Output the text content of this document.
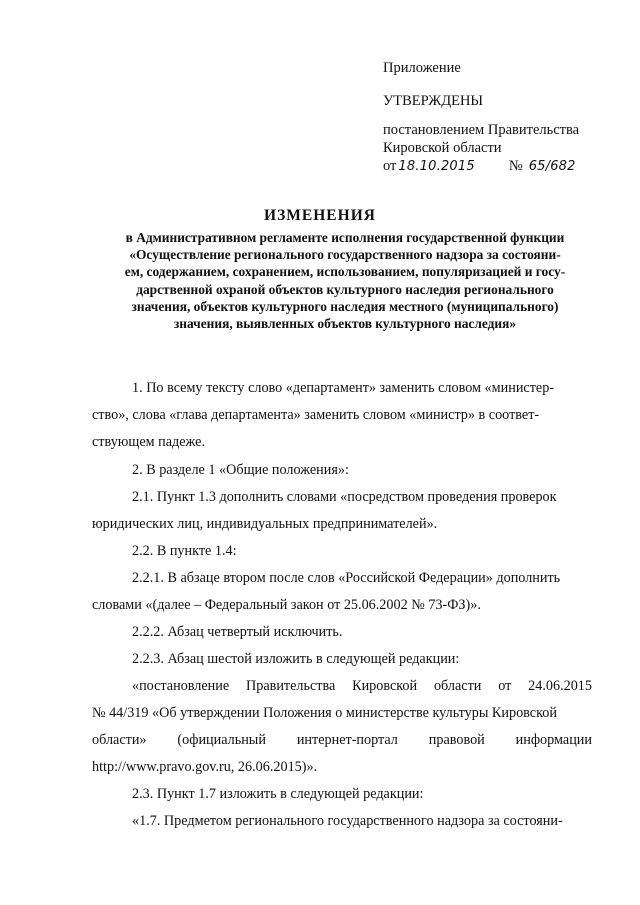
Приложение
УТВЕРЖДЕНЫ
постановлением Правительства
Кировской области
от 18.10.2015 № 65/682
ИЗМЕНЕНИЯ
в Административном регламенте исполнения государственной функции
«Осуществление регионального государственного надзора за состояни-
ем, содержанием, сохранением, использованием, популяризацией и госу-
дарственной охраной объектов культурного наследия регионального
значения, объектов культурного наследия местного (муниципального)
значения, выявленных объектов культурного наследия»
1. По всему тексту слово «департамент» заменить словом «министер-
ство», слова «глава департамента» заменить словом «министр» в соответ-
ствующем падеже.
2. В разделе 1 «Общие положения»:
2.1. Пункт 1.3 дополнить словами «посредством проведения проверок
юридических лиц, индивидуальных предпринимателей».
2.2. В пункте 1.4:
2.2.1. В абзаце втором после слов «Российской Федерации» дополнить
словами «(далее – Федеральный закон от 25.06.2002 № 73-ФЗ)».
2.2.2. Абзац четвертый исключить.
2.2.3. Абзац шестой изложить в следующей редакции:
«постановление Правительства Кировской области от 24.06.2015
№ 44/319 «Об утверждении Положения о министерстве культуры Кировской
области» (официальный интернет-портал правовой информации
http://www.pravo.gov.ru, 26.06.2015)».
2.3. Пункт 1.7 изложить в следующей редакции:
«1.7. Предметом регионального государственного надзора за состояни-
